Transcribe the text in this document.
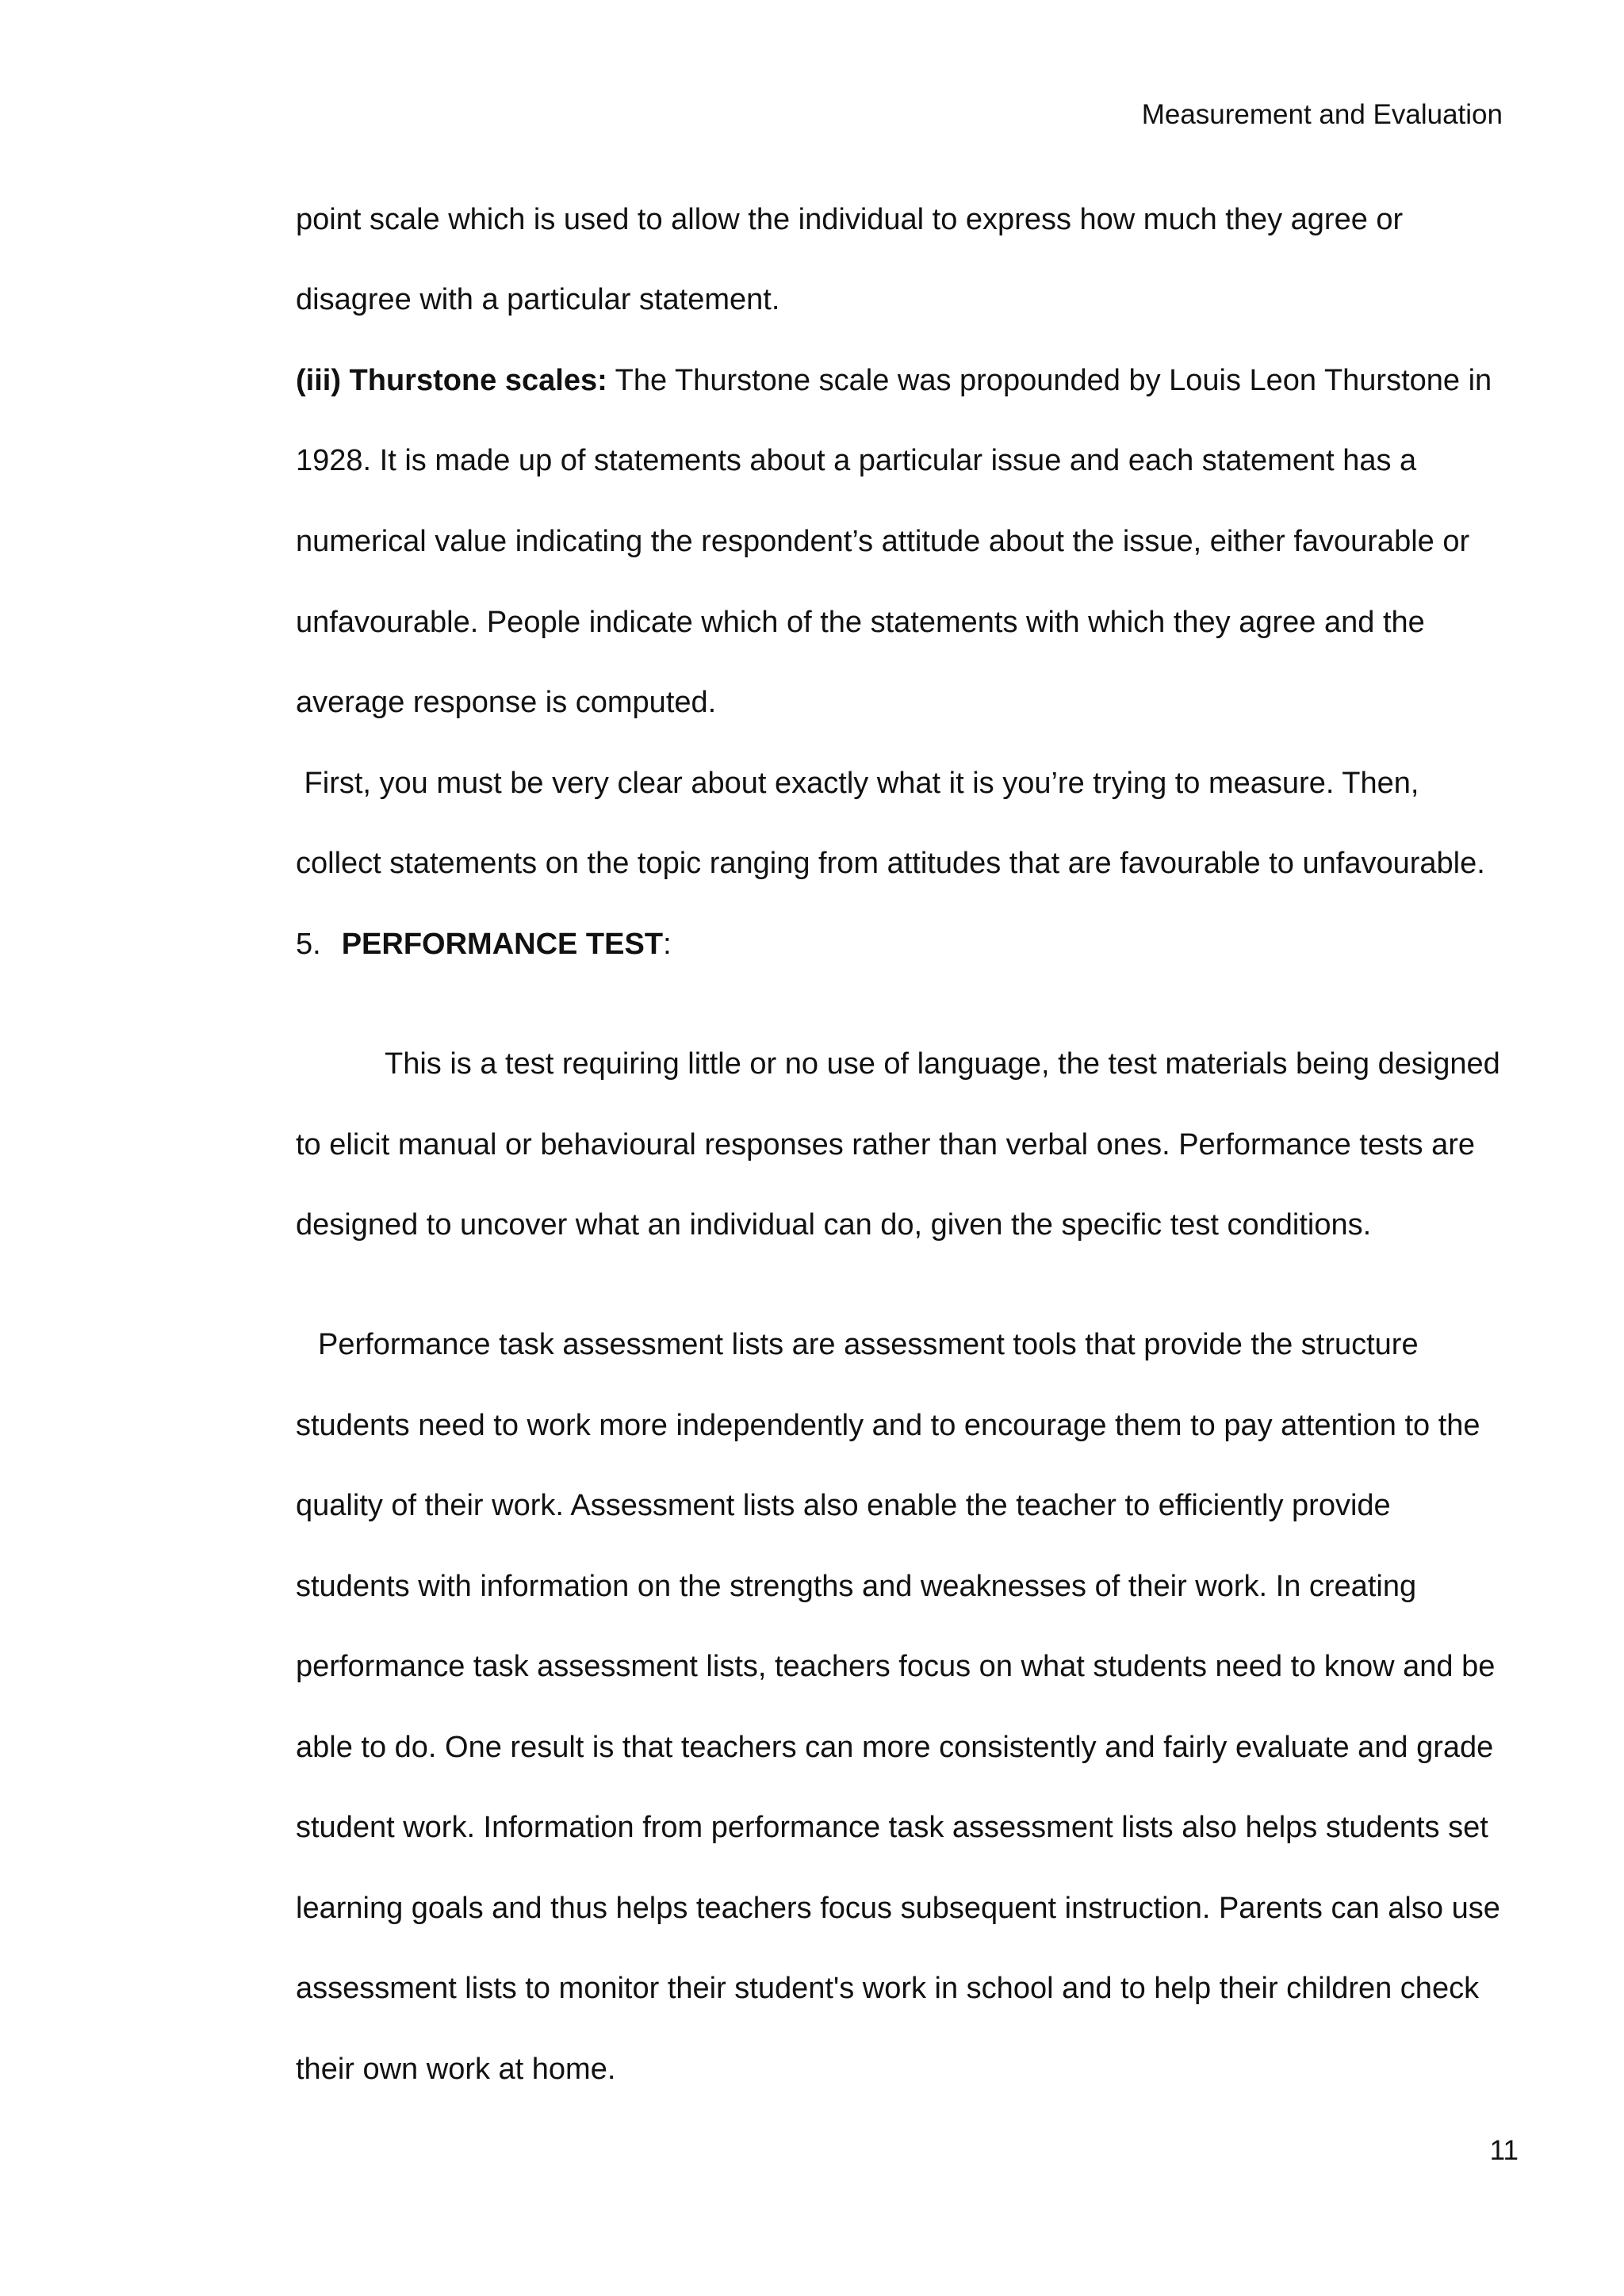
Measurement and Evaluation
point scale which is used to allow the individual to express how much they agree or
disagree with a particular statement.
(iii) Thurstone scales: The Thurstone scale was propounded by Louis Leon Thurstone in
1928. It is made up of statements about a particular issue and each statement has a
numerical value indicating the respondent’s attitude about the issue, either favourable or
unfavourable. People indicate which of the statements with which they agree and the
average response is computed.
First, you must be very clear about exactly what it is you’re trying to measure. Then,
collect statements on the topic ranging from attitudes that are favourable to unfavourable.
5. PERFORMANCE TEST:
This is a test requiring little or no use of language, the test materials being designed
to elicit manual or behavioural responses rather than verbal ones. Performance tests are
designed to uncover what an individual can do, given the specific test conditions.
Performance task assessment lists are assessment tools that provide the structure
students need to work more independently and to encourage them to pay attention to the
quality of their work. Assessment lists also enable the teacher to efficiently provide
students with information on the strengths and weaknesses of their work. In creating
performance task assessment lists, teachers focus on what students need to know and be
able to do. One result is that teachers can more consistently and fairly evaluate and grade
student work. Information from performance task assessment lists also helps students set
learning goals and thus helps teachers focus subsequent instruction. Parents can also use
assessment lists to monitor their student's work in school and to help their children check
their own work at home.
11
